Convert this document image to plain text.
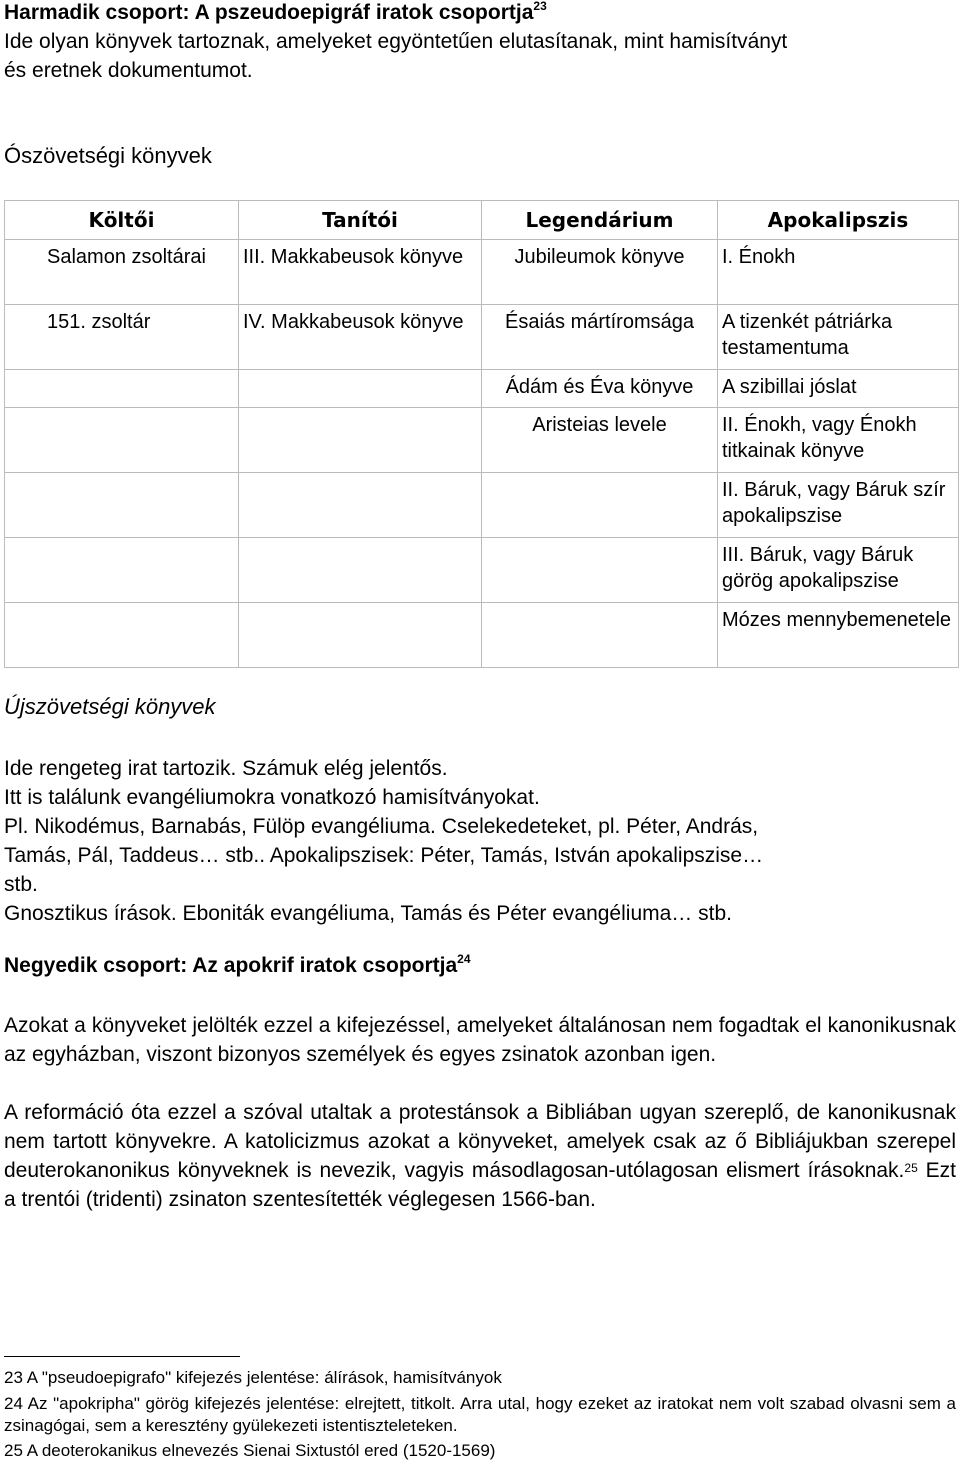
Harmadik csoport: A pszeudoepigráf iratok csoportja$^{23}$
Ide olyan könyvek tartoznak, amelyeket egyöntetűen elutasítanak, mint hamisítványt
és eretnek dokumentumot.
Ószövetségi könyvek
Költői	Tanítói	Legendárium	Apokalipszis
Salamon zsoltárai	III. Makkabeusok könyve	Jubileumok könyve	I. Énokh
151. zsoltár	IV. Makkabeusok könyve	Ésaiás mártíromsága	A tizenkét pátriárka testamentuma
		Ádám és Éva könyve	A szibillai jóslat
		Aristeias levele	II. Énokh, vagy Énokh titkainak könyve
			II. Báruk, vagy Báruk szír apokalipszise
			III. Báruk, vagy Báruk görög apokalipszise
			Mózes mennybemenetele
Újszövetségi könyvek
Ide rengeteg irat tartozik. Számuk elég jelentős.
Itt is találunk evangéliumokra vonatkozó hamisítványokat.
Pl. Nikodémus, Barnabás, Fülöp evangéliuma. Cselekedeteket, pl. Péter, András,
Tamás, Pál, Taddeus… stb.. Apokalipszisek: Péter, Tamás, István apokalipszise…
stb.
Gnosztikus írások. Eboniták evangéliuma, Tamás és Péter evangéliuma… stb.
Negyedik csoport: Az apokrif iratok csoportja$^{24}$
Azokat a könyveket jelölték ezzel a kifejezéssel, amelyeket általánosan nem fogadtak el kanonikusnak az egyházban, viszont bizonyos személyek és egyes zsinatok azonban igen.
A reformáció óta ezzel a szóval utaltak a protestánsok a Bibliában ugyan szereplő, de kanonikusnak nem tartott könyvekre. A katolicizmus azokat a könyveket, amelyek csak az ő Bibliájukban szerepel deuterokanonikus könyveknek is nevezik, vagyis másodlagosan-utólagosan elismert írásoknak.$^{25}$ Ezt a trentói (tridenti) zsinaton szentesítették véglegesen 1566-ban.
23 A "pseudoepigrafo" kifejezés jelentése: álírások, hamisítványok
24 Az "apokripha" görög kifejezés jelentése: elrejtett, titkolt. Arra utal, hogy ezeket az iratokat nem volt szabad olvasni sem a zsinagógai, sem a keresztény gyülekezeti istentiszteleteken.
25 A deoterokanikus elnevezés Sienai Sixtustól ered (1520-1569)
